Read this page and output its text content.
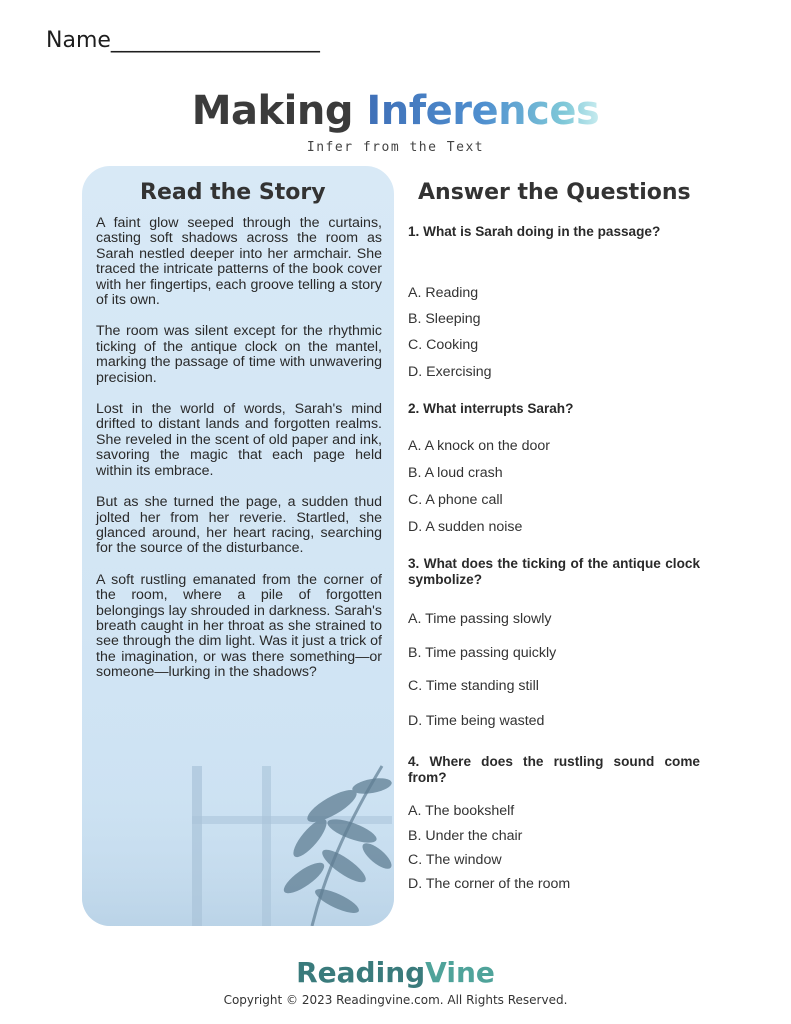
Name___________________
Making Inferences
Infer from the Text
Read the Story

A faint glow seeped through the curtains, casting soft shadows across the room as Sarah nestled deeper into her armchair. She traced the intricate patterns of the book cover with her fingertips, each groove telling a story of its own.

The room was silent except for the rhythmic ticking of the antique clock on the mantel, marking the passage of time with unwavering precision.

Lost in the world of words, Sarah's mind drifted to distant lands and forgotten realms. She reveled in the scent of old paper and ink, savoring the magic that each page held within its embrace.

But as she turned the page, a sudden thud jolted her from her reverie. Startled, she glanced around, her heart racing, searching for the source of the disturbance.

A soft rustling emanated from the corner of the room, where a pile of forgotten belongings lay shrouded in darkness. Sarah's breath caught in her throat as she strained to see through the dim light. Was it just a trick of the imagination, or was there something—or someone—lurking in the shadows?

Answer the Questions
1. What is Sarah doing in the passage?
A. Reading
B. Sleeping
C. Cooking
D. Exercising
2. What interrupts Sarah?
A. A knock on the door
B. A loud crash
C. A phone call
D. A sudden noise
3. What does the ticking of the antique clock symbolize?
A. Time passing slowly
B. Time passing quickly
C. Time standing still
D. Time being wasted
4. Where does the rustling sound come from?
A. The bookshelf
B. Under the chair
C. The window
D. The corner of the room
ReadingVine
Copyright © 2023 Readingvine.com. All Rights Reserved.
